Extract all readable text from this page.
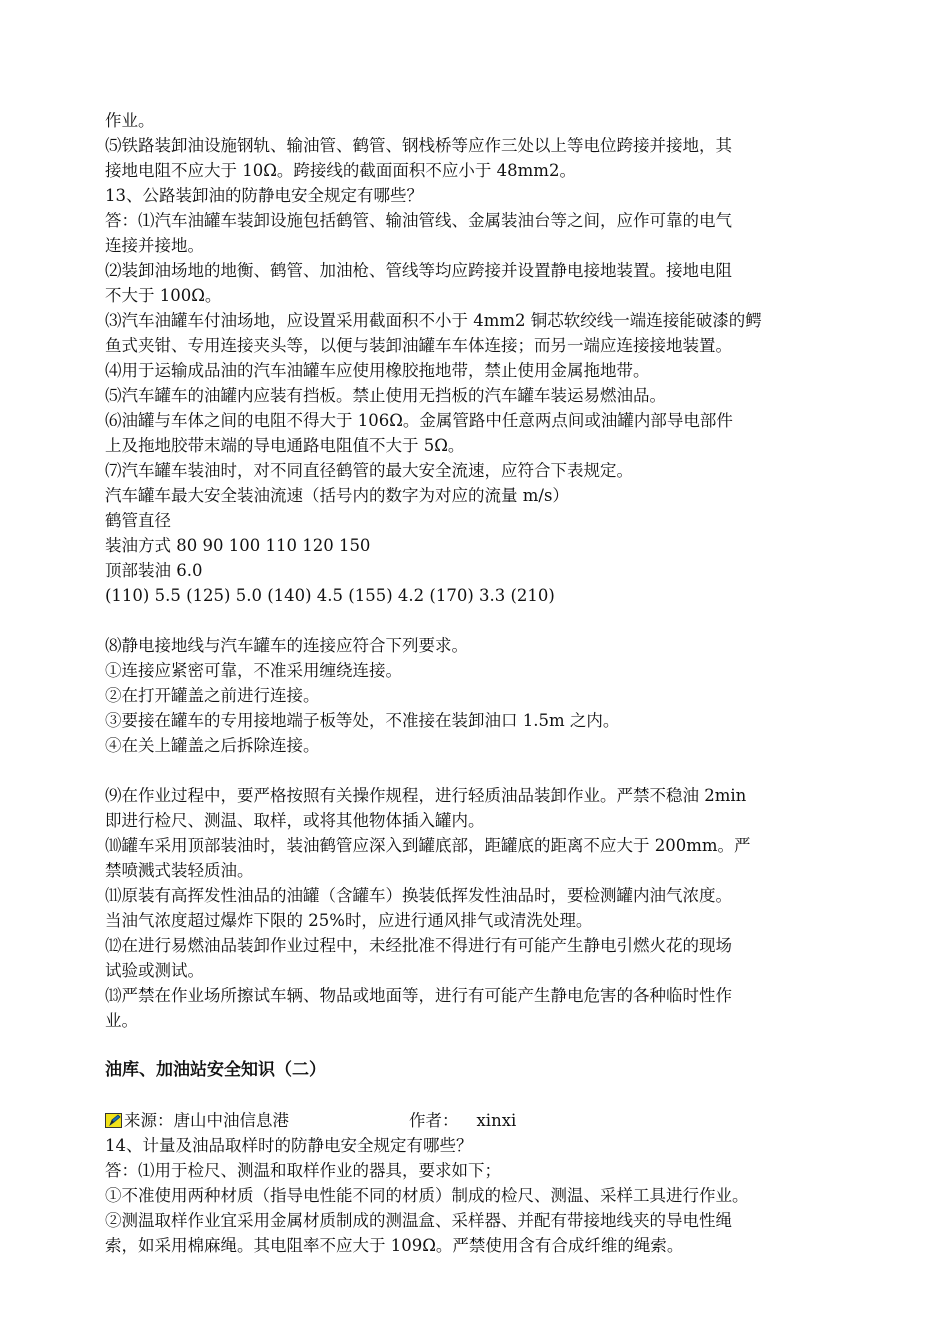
作业。
⑸铁路装卸油设施钢轨、输油管、鹤管、钢栈桥等应作三处以上等电位跨接并接地，其
接地电阻不应大于 10Ω。跨接线的截面面积不应小于 48mm2。
13、公路装卸油的防静电安全规定有哪些？
答：⑴汽车油罐车装卸设施包括鹤管、输油管线、金属装油台等之间，应作可靠的电气
连接并接地。
⑵装卸油场地的地衡、鹤管、加油枪、管线等均应跨接并设置静电接地装置。接地电阻
不大于 100Ω。
⑶汽车油罐车付油场地，应设置采用截面积不小于 4mm2 铜芯软绞线一端连接能破漆的鳄
鱼式夹钳、专用连接夹头等，以便与装卸油罐车车体连接；而另一端应连接接地装置。
⑷用于运输成品油的汽车油罐车应使用橡胶拖地带，禁止使用金属拖地带。
⑸汽车罐车的油罐内应装有挡板。禁止使用无挡板的汽车罐车装运易燃油品。
⑹油罐与车体之间的电阻不得大于 106Ω。金属管路中任意两点间或油罐内部导电部件
上及拖地胶带末端的导电通路电阻值不大于 5Ω。
⑺汽车罐车装油时，对不同直径鹤管的最大安全流速，应符合下表规定。
汽车罐车最大安全装油流速（括号内的数字为对应的流量 m/s）
鹤管直径
装油方式 80 90 100 110 120 150
顶部装油 6.0
(110) 5.5 (125) 5.0 (140) 4.5 (155) 4.2 (170) 3.3 (210)
⑻静电接地线与汽车罐车的连接应符合下列要求。
①连接应紧密可靠，不准采用缠绕连接。
②在打开罐盖之前进行连接。
③要接在罐车的专用接地端子板等处，不准接在装卸油口 1.5m 之内。
④在关上罐盖之后拆除连接。
⑼在作业过程中，要严格按照有关操作规程，进行轻质油品装卸作业。严禁不稳油 2min
即进行检尺、测温、取样，或将其他物体插入罐内。
⑽罐车采用顶部装油时，装油鹤管应深入到罐底部，距罐底的距离不应大于 200mm。严
禁喷溅式装轻质油。
⑾原装有高挥发性油品的油罐（含罐车）换装低挥发性油品时，要检测罐内油气浓度。
当油气浓度超过爆炸下限的 25%时，应进行通风排气或清洗处理。
⑿在进行易燃油品装卸作业过程中，未经批准不得进行有可能产生静电引燃火花的现场
试验或测试。
⒀严禁在作业场所擦试车辆、物品或地面等，进行有可能产生静电危害的各种临时性作
业。
油库、加油站安全知识（二）
来源：唐山中油信息港	作者： xinxi
14、计量及油品取样时的防静电安全规定有哪些？
答：⑴用于检尺、测温和取样作业的器具，要求如下；
①不准使用两种材质（指导电性能不同的材质）制成的检尺、测温、采样工具进行作业。
②测温取样作业宜采用金属材质制成的测温盒、采样器、并配有带接地线夹的导电性绳
索，如采用棉麻绳。其电阻率不应大于 109Ω。严禁使用含有合成纤维的绳索。
